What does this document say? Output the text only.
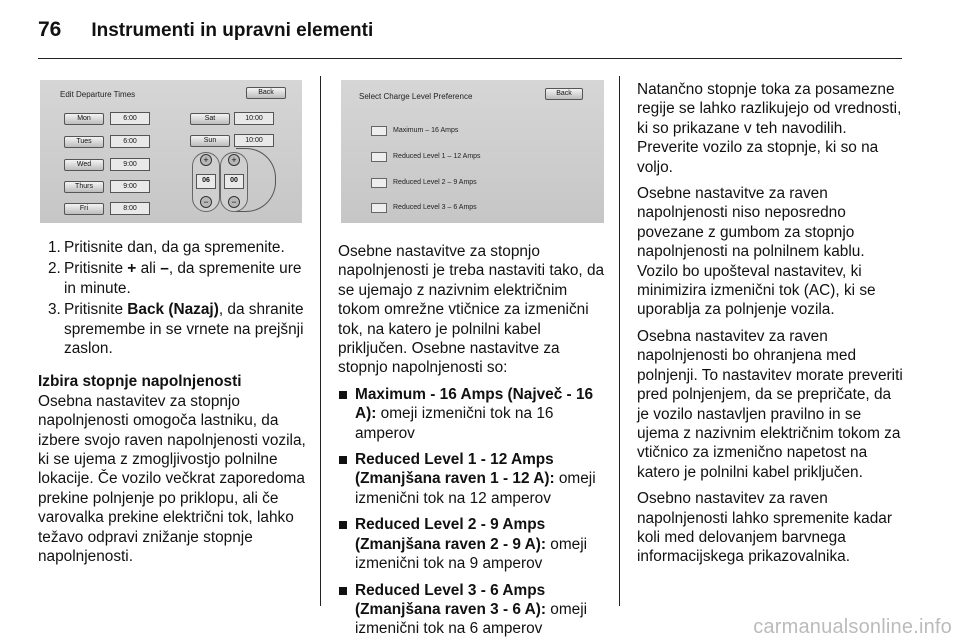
76 Instrumenti in upravni elementi
Edit Departure Times	Back
Mon	6:00
Tues	6:00
Wed	9:00
Thurs	9:00
Fri	8:00
Sat	10:00
Sun	10:00
+
06
−
+
00
−
Select Charge Level Preference	Back
Maximum – 16 Amps
Reduced Level 1 – 12 Amps
Reduced Level 2 – 9 Amps
Reduced Level 3 – 6 Amps
1. Pritisnite dan, da ga spremenite.
2. Pritisnite + ali –, da spremenite ure in minute.
3. Pritisnite Back (Nazaj), da shranite spremembe in se vrnete na prejšnji zaslon.
Izbira stopnje napolnjenosti

Osebna nastavitev za stopnjo napolnjenosti omogoča lastniku, da izbere svojo raven napolnjenosti vozila, ki se ujema z zmogljivostjo polnilne lokacije. Če vozilo večkrat zaporedoma prekine polnjenje po priklopu, ali če varovalka prekine električni tok, lahko težavo odpravi znižanje stopnje napolnjenosti.

Osebne nastavitve za stopnjo napolnjenosti je treba nastaviti tako, da se ujemajo z nazivnim električnim tokom omrežne vtičnice za izmenični tok, na katero je polnilni kabel priključen. Osebne nastavitve za stopnjo napolnjenosti so:

Maximum - 16 Amps (Največ - 16 A): omeji izmenični tok na 16 amperov
Reduced Level 1 - 12 Amps (Zmanjšana raven 1 - 12 A): omeji izmenični tok na 12 amperov
Reduced Level 2 - 9 Amps (Zmanjšana raven 2 - 9 A): omeji izmenični tok na 9 amperov
Reduced Level 3 - 6 Amps (Zmanjšana raven 3 - 6 A): omeji izmenični tok na 6 amperov

Natančno stopnje toka za posamezne regije se lahko razlikujejo od vrednosti, ki so prikazane v teh navodilih. Preverite vozilo za stopnje, ki so na voljo.

Osebne nastavitve za raven napolnjenosti niso neposredno povezane z gumbom za stopnjo napolnjenosti na polnilnem kablu. Vozilo bo upošteval nastavitev, ki minimizira izmenični tok (AC), ki se uporablja za polnjenje vozila.

Osebna nastavitev za raven napolnjenosti bo ohranjena med polnjenji. To nastavitev morate preveriti pred polnjenjem, da se prepričate, da je vozilo nastavljen pravilno in se ujema z nazivnim električnim tokom za vtičnico za izmenično napetost na katero je polnilni kabel priključen.

Osebno nastavitev za raven napolnjenosti lahko spremenite kadar koli med delovanjem barvnega informacijskega prikazovalnika.

carmanualsonline.info
